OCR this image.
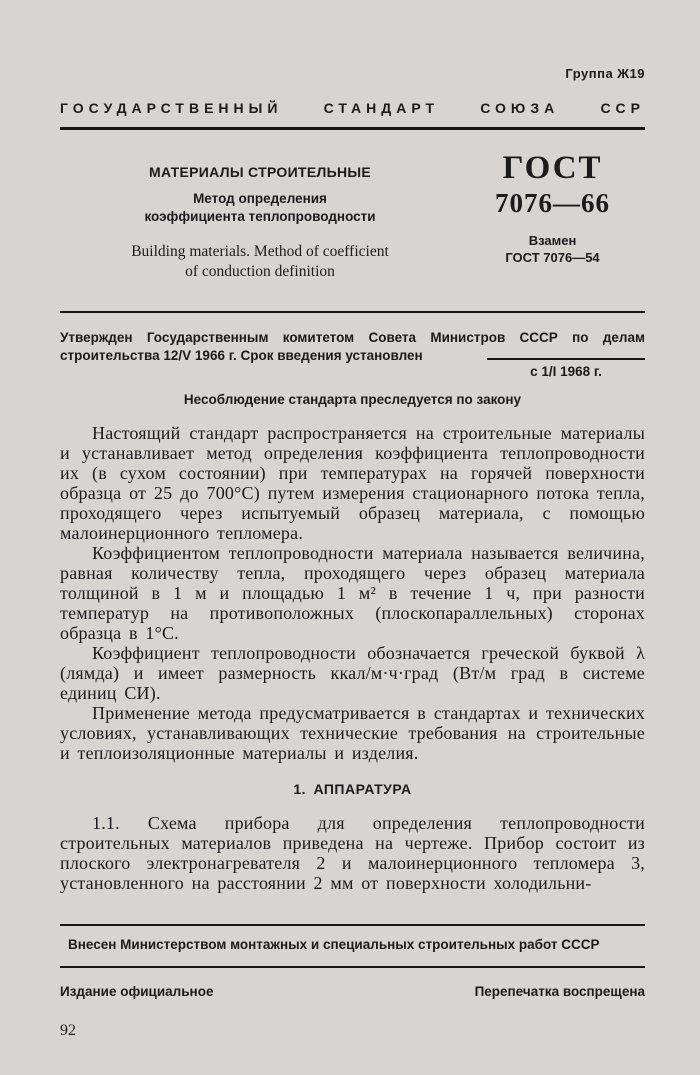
Группа Ж19
ГОСУДАРСТВЕННЫЙ СТАНДАРТ СОЮЗА ССР
МАТЕРИАЛЫ СТРОИТЕЛЬНЫЕ
Метод определения
коэффициента теплопроводности
Building materials. Method of coefficient
of conduction definition
ГОСТ
7076—66
Взамен
ГОСТ 7076—54
Утвержден Государственным комитетом Совета Министров СССР по делам строительства 12/V 1966 г. Срок введения установлен
с 1/I 1968 г.
Несоблюдение стандарта преследуется по закону

Настоящий стандарт распространяется на строительные материалы и устанавливает метод определения коэффициента теплопроводности их (в сухом состоянии) при температурах на горячей поверхности образца от 25 до 700°С) путем измерения стационарного потока тепла, проходящего через испытуемый образец материала, с помощью малоинерционного тепломера.

Коэффициентом теплопроводности материала называется величина, равная количеству тепла, проходящего через образец материала толщиной в 1 м и площадью 1 м² в течение 1 ч, при разности температур на противоположных (плоскопараллельных) сторонах образца в 1°С.

Коэффициент теплопроводности обозначается греческой буквой λ (лямда) и имеет размерность ккал/м·ч·град (Вт/м град в системе единиц СИ).

Применение метода предусматривается в стандартах и технических условиях, устанавливающих технические требования на строительные и теплоизоляционные материалы и изделия.

1. АППАРАТУРА

1.1. Схема прибора для определения теплопроводности строительных материалов приведена на чертеже. Прибор состоит из плоского электронагревателя 2 и малоинерционного тепломера 3, установленного на расстоянии 2 мм от поверхности холодильни-

Внесен Министерством монтажных и специальных строительных работ СССР
Издание официальное	Перепечатка воспрещена
92
